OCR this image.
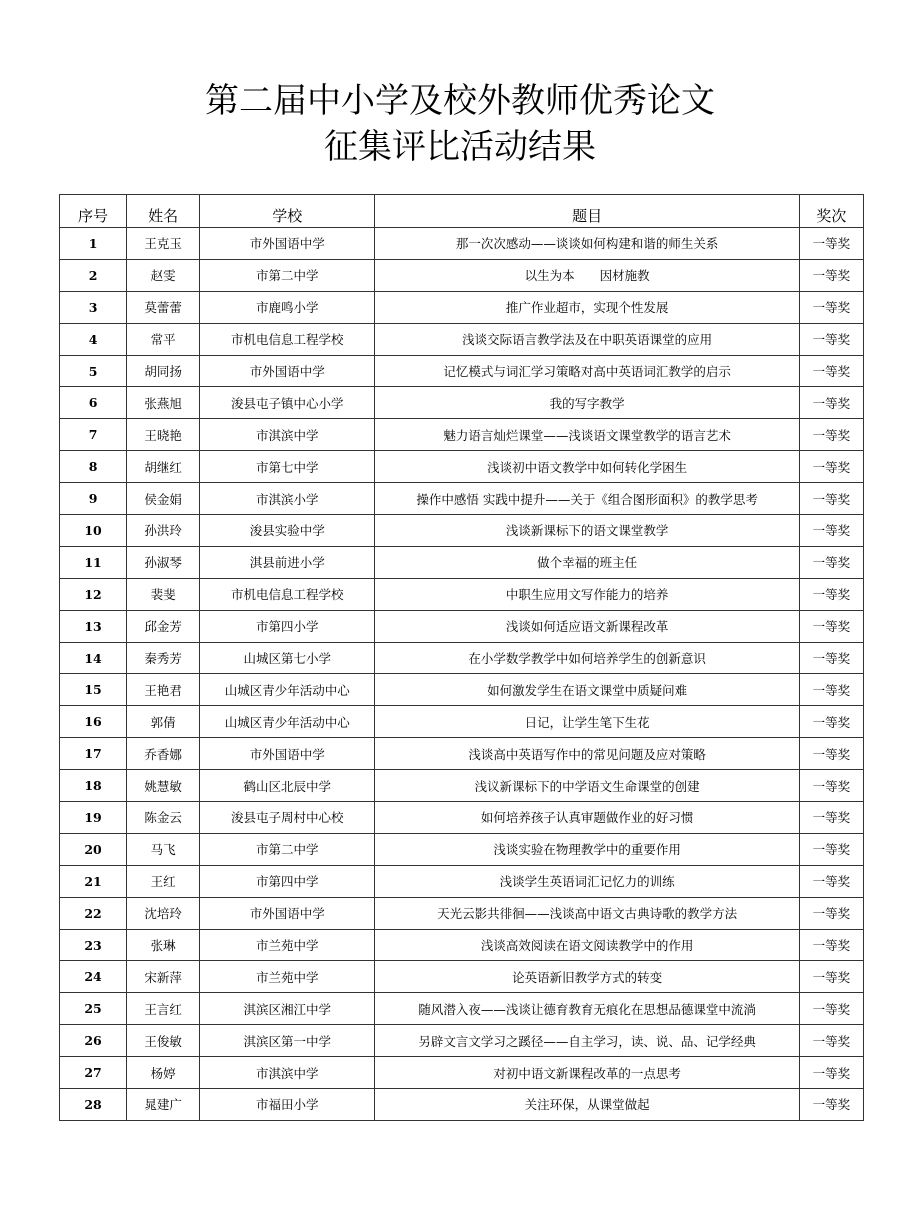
第二届中小学及校外教师优秀论文
征集评比活动结果
序号	姓名	学校	题目	奖次
1	王克玉	市外国语中学	那一次次感动——谈谈如何构建和谐的师生关系	一等奖
2	赵雯	市第二中学	以生为本　　因材施教	一等奖
3	莫蕾蕾	市鹿鸣小学	推广作业超市，实现个性发展	一等奖
4	常平	市机电信息工程学校	浅谈交际语言教学法及在中职英语课堂的应用	一等奖
5	胡同扬	市外国语中学	记忆模式与词汇学习策略对高中英语词汇教学的启示	一等奖
6	张燕旭	浚县屯子镇中心小学	我的写字教学	一等奖
7	王晓艳	市淇滨中学	魅力语言灿烂课堂——浅谈语文课堂教学的语言艺术	一等奖
8	胡继红	市第七中学	浅谈初中语文教学中如何转化学困生	一等奖
9	侯金娟	市淇滨小学	操作中感悟 实践中提升——关于《组合图形面积》的教学思考	一等奖
10	孙洪玲	浚县实验中学	浅谈新课标下的语文课堂教学	一等奖
11	孙淑琴	淇县前进小学	做个幸福的班主任	一等奖
12	裴斐	市机电信息工程学校	中职生应用文写作能力的培养	一等奖
13	邱金芳	市第四小学	浅谈如何适应语文新课程改革	一等奖
14	秦秀芳	山城区第七小学	在小学数学教学中如何培养学生的创新意识	一等奖
15	王艳君	山城区青少年活动中心	如何激发学生在语文课堂中质疑问难	一等奖
16	郭倩	山城区青少年活动中心	日记，让学生笔下生花	一等奖
17	乔香娜	市外国语中学	浅谈高中英语写作中的常见问题及应对策略	一等奖
18	姚慧敏	鹤山区北辰中学	浅议新课标下的中学语文生命课堂的创建	一等奖
19	陈金云	浚县屯子周村中心校	如何培养孩子认真审题做作业的好习惯	一等奖
20	马飞	市第二中学	浅谈实验在物理教学中的重要作用	一等奖
21	王红	市第四中学	浅谈学生英语词汇记忆力的训练	一等奖
22	沈培玲	市外国语中学	天光云影共徘徊——浅谈高中语文古典诗歌的教学方法	一等奖
23	张琳	市兰苑中学	浅谈高效阅读在语文阅读教学中的作用	一等奖
24	宋新萍	市兰苑中学	论英语新旧教学方式的转变	一等奖
25	王言红	淇滨区湘江中学	随风潜入夜——浅谈让德育教育无痕化在思想品德课堂中流淌	一等奖
26	王俊敏	淇滨区第一中学	另辟文言文学习之蹊径——自主学习，读、说、品、记学经典	一等奖
27	杨婷	市淇滨中学	对初中语文新课程改革的一点思考	一等奖
28	晁建广	市福田小学	关注环保，从课堂做起	一等奖
